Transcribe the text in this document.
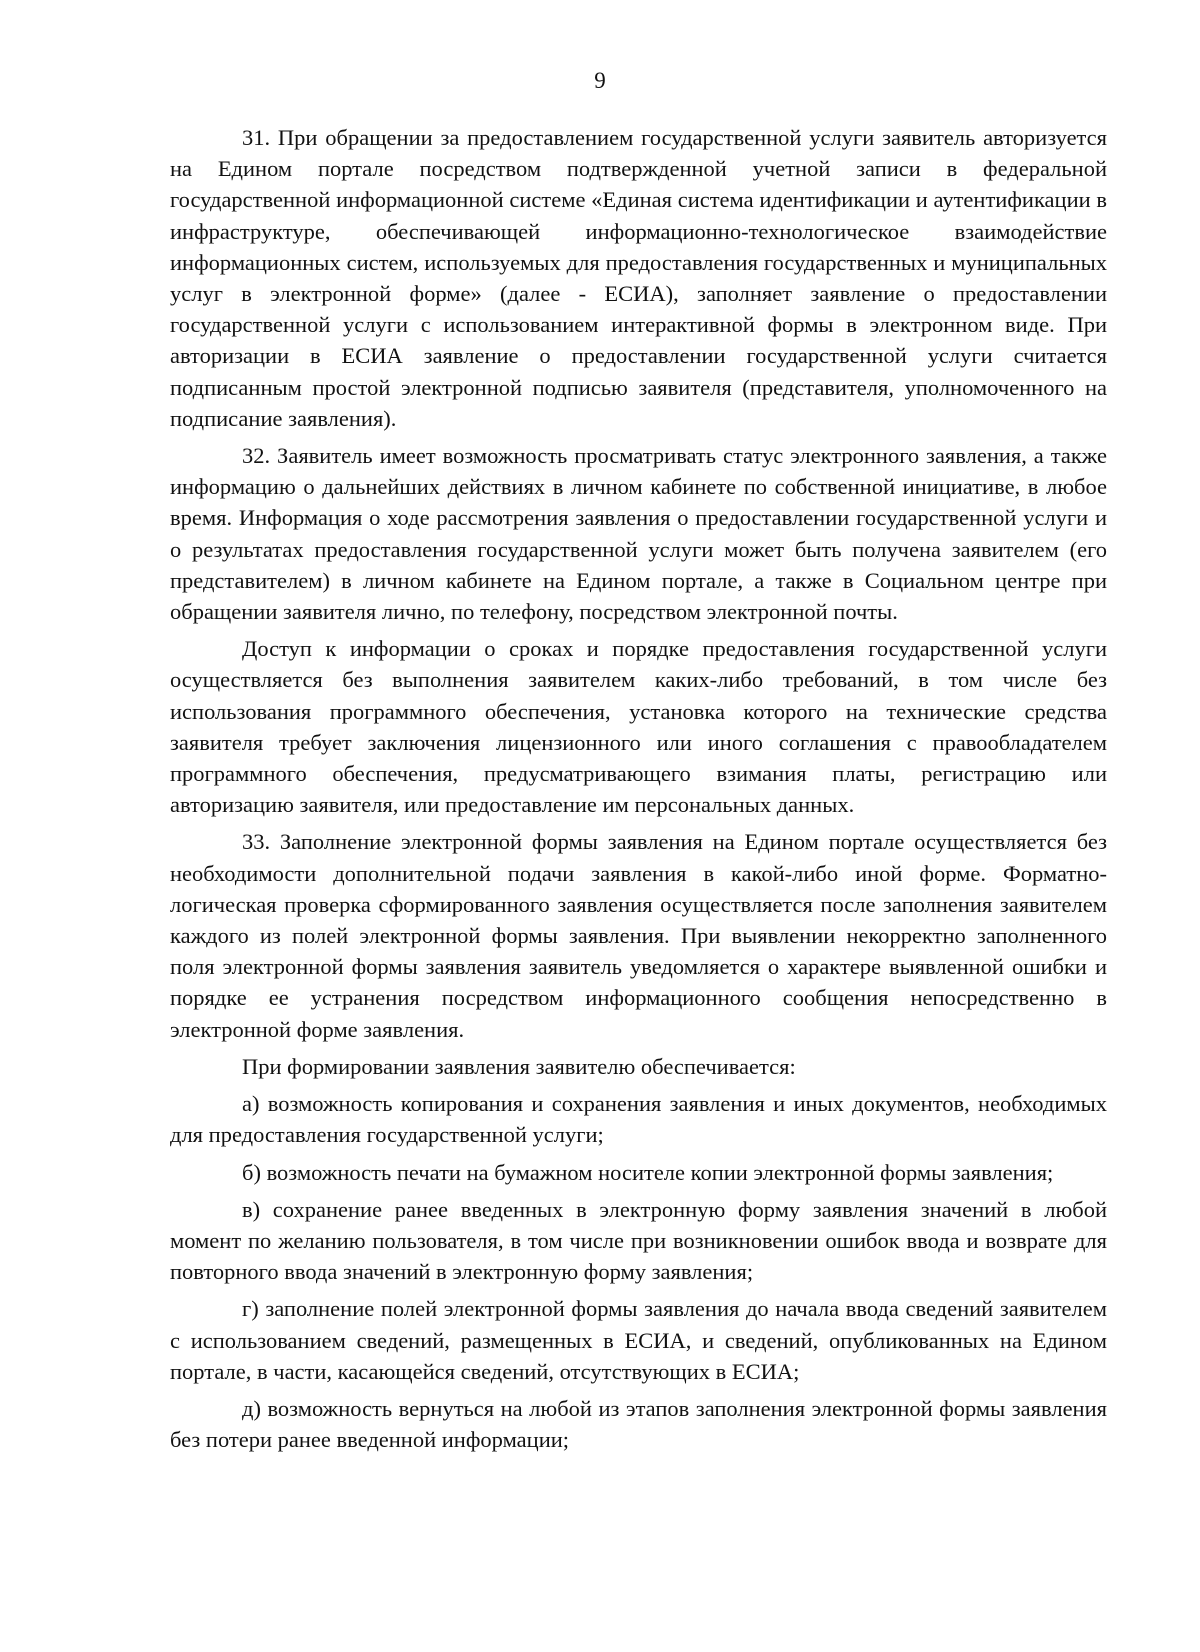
9

31. При обращении за предоставлением государственной услуги заявитель авторизуется на Едином портале посредством подтвержденной учетной записи в федеральной государственной информационной системе «Единая система идентификации и аутентификации в инфраструктуре, обеспечивающей информационно-технологическое взаимодействие информационных систем, используемых для предоставления государственных и муниципальных услуг в электронной форме» (далее - ЕСИА), заполняет заявление о предоставлении государственной услуги с использованием интерактивной формы в электронном виде. При авторизации в ЕСИА заявление о предоставлении государственной услуги считается подписанным простой электронной подписью заявителя (представителя, уполномоченного на подписание заявления).

32. Заявитель имеет возможность просматривать статус электронного заявления, а также информацию о дальнейших действиях в личном кабинете по собственной инициативе, в любое время. Информация о ходе рассмотрения заявления о предоставлении государственной услуги и о результатах предоставления государственной услуги может быть получена заявителем (его представителем) в личном кабинете на Едином портале, а также в Социальном центре при обращении заявителя лично, по телефону, посредством электронной почты.

Доступ к информации о сроках и порядке предоставления государственной услуги осуществляется без выполнения заявителем каких-либо требований, в том числе без использования программного обеспечения, установка которого на технические средства заявителя требует заключения лицензионного или иного соглашения с правообладателем программного обеспечения, предусматривающего взимания платы, регистрацию или авторизацию заявителя, или предоставление им персональных данных.

33. Заполнение электронной формы заявления на Едином портале осуществляется без необходимости дополнительной подачи заявления в какой-либо иной форме. Форматно-логическая проверка сформированного заявления осуществляется после заполнения заявителем каждого из полей электронной формы заявления. При выявлении некорректно заполненного поля электронной формы заявления заявитель уведомляется о характере выявленной ошибки и порядке ее устранения посредством информационного сообщения непосредственно в электронной форме заявления.

При формировании заявления заявителю обеспечивается:

а) возможность копирования и сохранения заявления и иных документов, необходимых для предоставления государственной услуги;

б) возможность печати на бумажном носителе копии электронной формы заявления;

в) сохранение ранее введенных в электронную форму заявления значений в любой момент по желанию пользователя, в том числе при возникновении ошибок ввода и возврате для повторного ввода значений в электронную форму заявления;

г) заполнение полей электронной формы заявления до начала ввода сведений заявителем с использованием сведений, размещенных в ЕСИА, и сведений, опубликованных на Едином портале, в части, касающейся сведений, отсутствующих в ЕСИА;

д) возможность вернуться на любой из этапов заполнения электронной формы заявления без потери ранее введенной информации;
